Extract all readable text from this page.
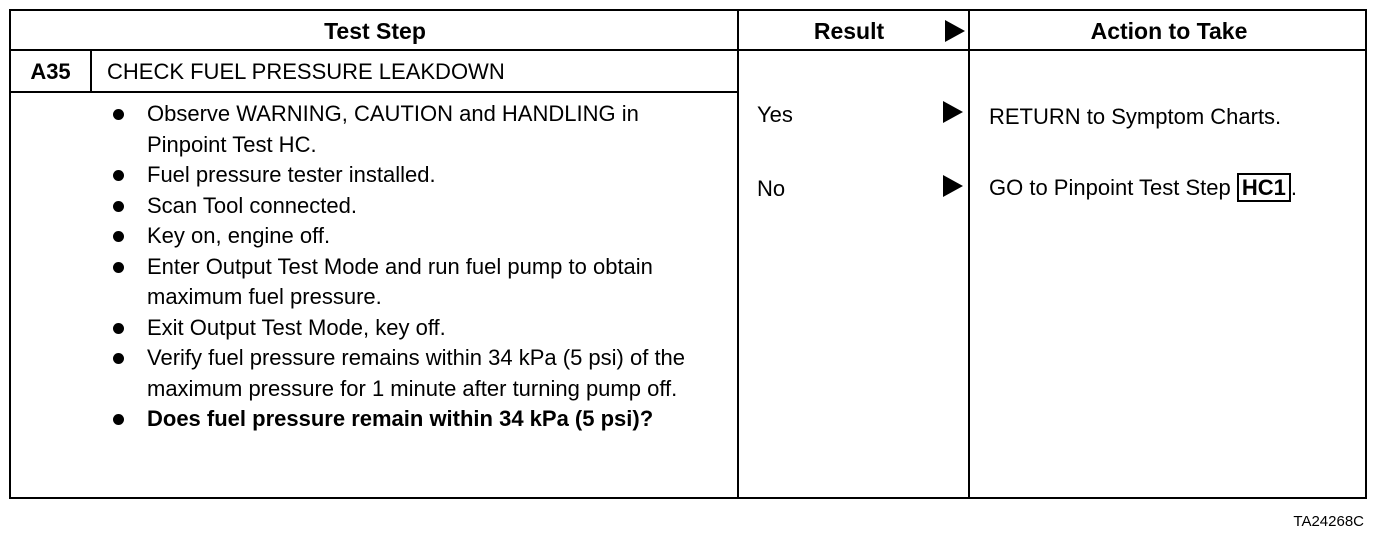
Test Step	Result	Action to Take
A35	CHECK FUEL PRESSURE LEAKDOWN
Observe WARNING, CAUTION and HANDLING in Pinpoint Test HC.
Fuel pressure tester installed.
Scan Tool connected.
Key on, engine off.
Enter Output Test Mode and run fuel pump to obtain maximum fuel pressure.
Exit Output Test Mode, key off.
Verify fuel pressure remains within 34 kPa (5 psi) of the maximum pressure for 1 minute after turning pump off.
Does fuel pressure remain within 34 kPa (5 psi)?
Yes	RETURN to Symptom Charts.
No	GO to Pinpoint Test Step HC1 .
TA24268C
